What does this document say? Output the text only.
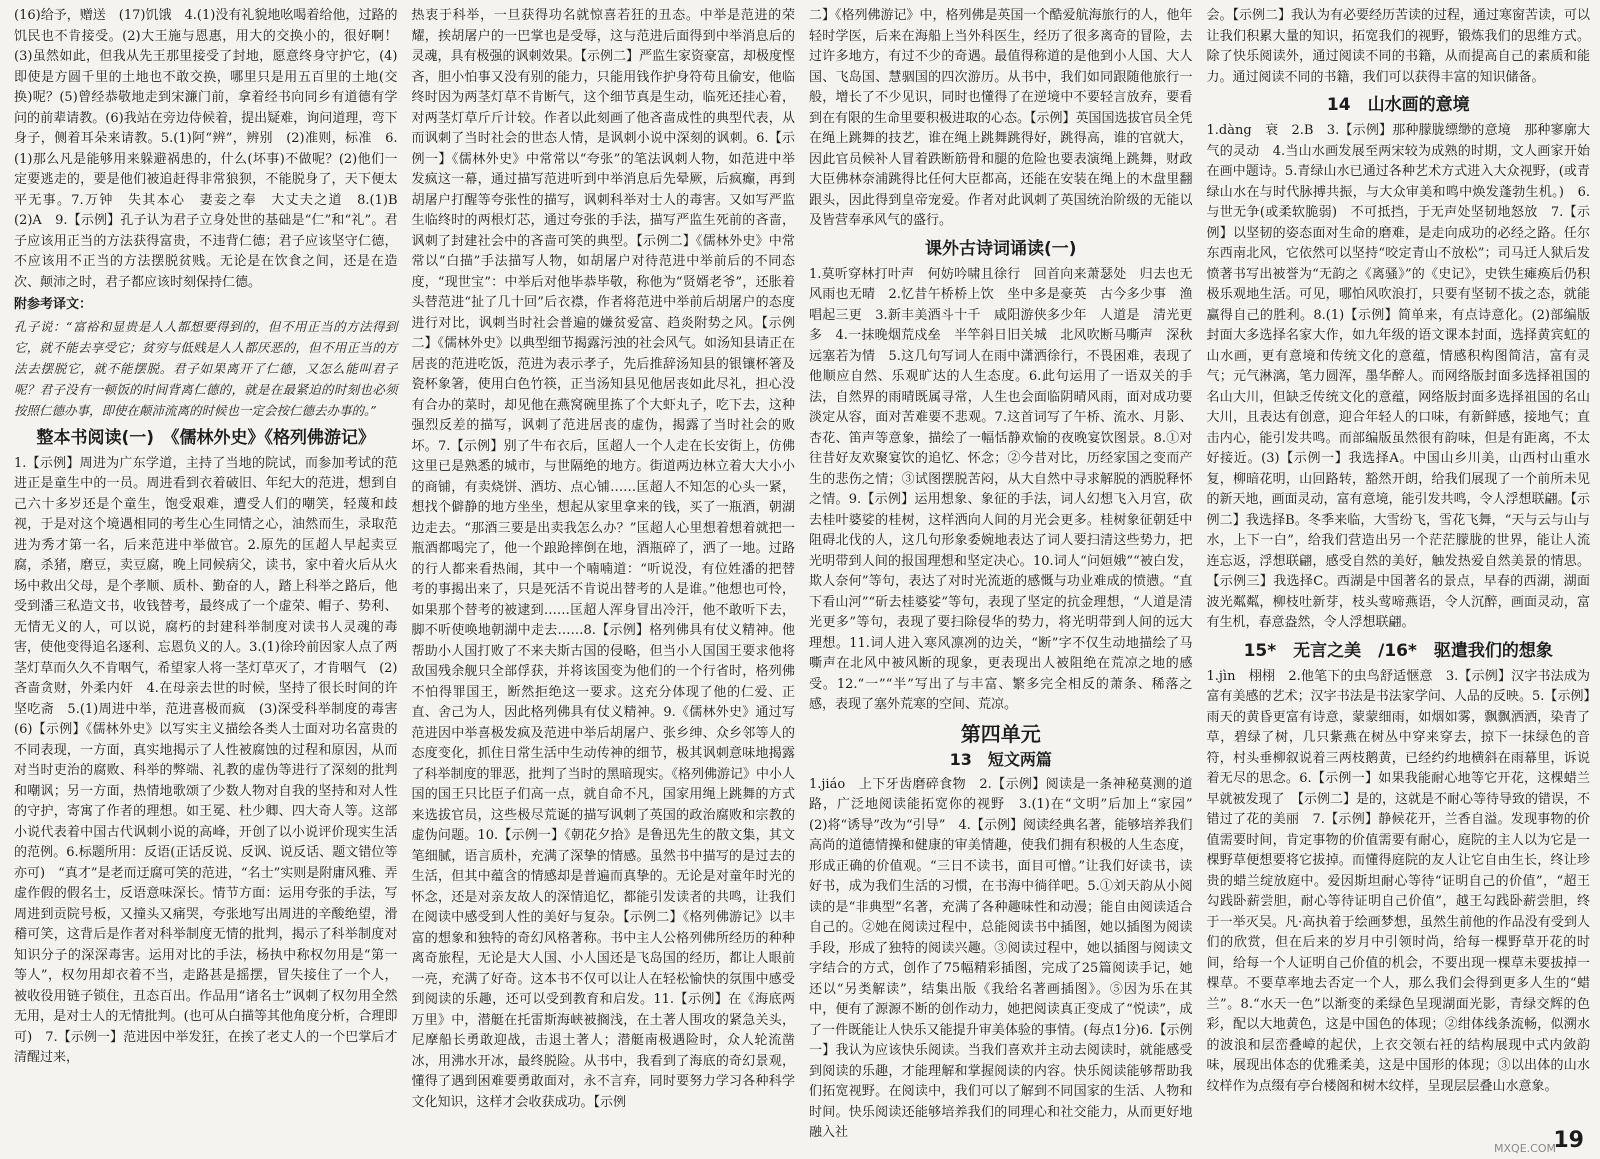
(16)给予，赠送　(17)饥饿　4.(1)没有礼貌地吆喝着给他，过路的饥民也不肯接受。(2)大王施与恩惠，用大的交换小的，很好啊！(3)虽然如此，但我从先王那里接受了封地，愿意终身守护它，(4)即使是方圆千里的土地也不敢交换，哪里只是用五百里的土地(交换)呢？(5)曾经恭敬地走到宋濂门前，拿着经书向同乡有道德有学问的前辈请教。(6)我站在旁边侍候着，提出疑难，询问道理，弯下身子，侧着耳朵来请教。5.(1)阿“辨”，辨别　(2)准则，标准　6.(1)那么凡是能够用来躲避祸患的，什么(坏事)不做呢？(2)他们一定要逃走的，要是他们被追赶得非常狼狈，不能脱身了，天下便太平无事。7.万钟　失其本心　妻妾之奉　大丈夫之道　8.(1)B　(2)A　9.【示例】孔子认为君子立身处世的基础是“仁”和“礼”。君子应该用正当的方法获得富贵，不违背仁德；君子应该坚守仁德，不应该用不正当的方法摆脱贫贱。无论是在饮食之间，还是在造次、颠沛之时，君子都应该时刻保持仁德。

附参考译文：

孔子说：“富裕和显贵是人人都想要得到的，但不用正当的方法得到它，就不能去享受它；贫穷与低贱是人人都厌恶的，但不用正当的方法去摆脱它，就不能摆脱。君子如果离开了仁德，又怎么能叫君子呢？君子没有一顿饭的时间背离仁德的，就是在最紧迫的时刻也必须按照仁德办事，即使在颠沛流离的时候也一定会按仁德去办事的。”

整本书阅读(一)　《儒林外史》《格列佛游记》

1.【示例】周进为广东学道，主持了当地的院试，而参加考试的范进正是童生中的一员。周进看到衣着破旧、年纪大的范进，想到自己六十多岁还是个童生，饱受艰难，遭受人们的嘲笑，轻蔑和歧视，于是对这个境遇相同的考生心生同情之心，油然而生，录取范进为秀才第一名，后来范进中举做官。2.原先的匡超人早起卖豆腐，杀猪，磨豆，卖豆腐，晚上同候病父，读书，家中着火后从火场中救出父母，是个孝顺、质朴、勤奋的人，踏上科举之路后，他受到潘三私造文书，收钱替考，最终成了一个虚荣、帽子、势利、无情无义的人，可以说，腐朽的封建科举制度对读书人灵魂的毒害，使他变得追名逐利、忘恩负义的人。3.(1)徐玲前因家人点了两茎灯草而久久不肯咽气，希望家人将一茎灯草灭了，才肯咽气　(2)吝啬贪财，外柔内奸　4.在母亲去世的时候，坚持了很长时间的许坚吃斋　5.(1)周进中举，范进喜极而疯　(3)深受科举制度的毒害　(6)【示例】《儒林外史》以写实主义描绘各类人士面对功名富贵的不同表现，一方面，真实地揭示了人性被腐蚀的过程和原因，从而对当时吏治的腐败、科举的弊端、礼教的虚伪等进行了深刻的批判和嘲讽；另一方面，热情地歌颂了少数人物对自我的坚持和对人性的守护，寄寓了作者的理想。如王冕、杜少卿、四大奇人等。这部小说代表着中国古代讽刺小说的高峰，开创了以小说评价现实生活的范例。6.标题所用：反语(正话反说、反讽、说反话、题文错位等亦可)　“真才”是老而迂腐可笑的范进，“名士”实则是附庸风雅、弄虚作假的假名士，反语意味深长。情节方面：运用夸张的手法，写周进到贡院号板，又撞头又痛哭，夸张地写出周进的辛酸绝望，滑稽可笑，这背后是作者对科举制度无情的批判，揭示了科举制度对知识分子的深深毒害。运用对比的手法，杨执中称权勿用是“第一等人”，权勿用却衣着不当，走路甚是摇摆，冒失接住了一个人，被收役用链子锁住，丑态百出。作品用“诸名士”讽刺了权勿用全然无用，是对士人的无情批判。(也可从白描等其他角度分析，合理即可)　7.【示例一】范进因中举发狂，在挨了老丈人的一个巴掌后才清醒过来，

热衷于科举，一旦获得功名就惊喜若狂的丑态。中举是范进的荣耀，挨胡屠户的一巴掌也是受辱，这与范进后面得到中举消息后的灵魂，具有极强的讽刺效果。【示例二】严监生家资豪富，却极度悭吝，胆小怕事又没有别的能力，只能用钱作护身符苟且偷安，他临终时因为两茎灯草不肯断气，这个细节真是生动，临死还挂心着，对两茎灯草斤斤计较。作者以此刻画了他吝啬成性的典型代表，从而讽刺了当时社会的世态人情，是讽刺小说中深刻的讽刺。6.【示例一】《儒林外史》中常常以“夸张”的笔法讽刺人物，如范进中举发疯这一幕，通过描写范进听到中举消息后先晕厥，后疯癫，再到胡屠户打醒等夸张性的描写，讽刺科举对士人的毒害。又如写严监生临终时的两根灯芯，通过夸张的手法，描写严监生死前的吝啬，讽刺了封建社会中的吝啬可笑的典型。【示例二】《儒林外史》中常常以“白描”手法描写人物，如胡屠户对待范进中举前后的不同态度，“现世宝”：中举后对他毕恭毕敬，称他为“贤婿老爷”，还胀着头替范进“扯了几十回”后衣襟，作者将范进中举前后胡屠户的态度进行对比，讽刺当时社会普遍的嫌贫爱富、趋炎附势之风。【示例二】《儒林外史》以典型细节揭露污浊的社会风气。如汤知县请正在居丧的范进吃饭，范进为表示孝子，先后推辞汤知县的银镶杯箸及瓷杯象箸，使用白色竹筷，正当汤知县见他居丧如此尽礼，担心没有合办的菜时，却见他在燕窝碗里拣了个大虾丸子，吃下去，这种强烈反差的描写，讽刺了范进居丧的虚伪，揭露了当时社会的败坏。7.【示例】别了牛布衣后，匡超人一个人走在长安街上，仿佛这里已是熟悉的城市，与世隔绝的地方。街道两边林立着大大小小的商铺，有卖烧饼、酒坊、点心铺……匡超人不知怎的心头一紧，想找个僻静的地方坐坐，想起从家里拿来的钱，买了一瓶酒，朝湖边走去。“那酒三要是出卖我怎么办？”匡超人心里想着想着就把一瓶酒都喝完了，他一个踉跄摔倒在地，酒瓶碎了，洒了一地。过路的行人都来看热闹，其中一个喃喃道：“听说没，有位姓潘的把替考的事揭出来了，只是死活不肯说出替考的人是谁。”他想也可怜，如果那个替考的被逮到……匡超人浑身冒出冷汗，他不敢听下去，脚不听使唤地朝湖中走去……8.【示例】格列佛具有仗义精神。他帮助小人国打败了不来夫斯古国的侵略，但当小人国国王要求他将敌国残余舰只全部俘获，并将该国变为他们的一个行省时，格列佛不怕得罪国王，断然拒绝这一要求。这充分体现了他的仁爱、正直、舍己为人，因此格列佛具有仗义精神。9.《儒林外史》通过写范进因中举喜极发疯及范进中举后胡屠户、张乡绅、众乡邻等人的态度变化，抓住日常生活中生动传神的细节，极其讽刺意味地揭露了科举制度的罪恶，批判了当时的黑暗现实。《格列佛游记》中小人国的国王只比臣子们高一点，就自命不凡，国家用绳上跳舞的方式来选拔官员，这些极尽荒诞的描写讽刺了英国的政治腐败和宗教的虚伪问题。10.【示例一】《朝花夕拾》是鲁迅先生的散文集，其文笔细腻，语言质朴，充满了深挚的情感。虽然书中描写的是过去的生活，但其中蕴含的情感却是普遍而真挚的。无论是对童年时光的怀念，还是对亲友故人的深情追忆，都能引发读者的共鸣，让我们在阅读中感受到人性的美好与复杂。【示例二】《格列佛游记》以丰富的想象和独特的奇幻风格著称。书中主人公格列佛所经历的种种离奇旅程，无论是大人国、小人国还是飞岛国的经历，都让人眼前一亮，充满了好奇。这本书不仅可以让人在轻松愉快的氛围中感受到阅读的乐趣，还可以受到教育和启发。11.【示例】在《海底两万里》中，潜艇在托雷斯海峡被搁浅，在土著人围攻的紧急关头，尼摩船长勇敢迎战，击退土著人；潜艇南极遇险时，众人轮流凿冰，用沸水开冰，最终脱险。从书中，我看到了海底的奇幻景观，懂得了遇到困难要勇敢面对，永不言弃，同时要努力学习各种科学文化知识，这样才会收获成功。【示例

二】《格列佛游记》中，格列佛是英国一个酷爱航海旅行的人，他年轻时学医，后来在海船上当外科医生，经历了很多离奇的冒险，去过许多地方，有过不少的奇遇。最值得称道的是他到小人国、大人国、飞岛国、慧骃国的四次游历。从书中，我们如同跟随他旅行一般，增长了不少见识，同时也懂得了在逆境中不要轻言放弃，要看到在有限的生命里要积极进取的心态。【示例】英国国选拔官员全凭在绳上跳舞的技艺，谁在绳上跳舞跳得好，跳得高，谁的官就大，因此官员候补人冒着跌断筋骨和腿的危险也要表演绳上跳舞，财政大臣佛林奈浦跳得比任何大臣都高，还能在安装在绳上的木盘里翻跟头，因此得到皇帝宠爱。作者对此讽刺了英国统治阶级的无能以及皆营奉承风气的盛行。

课外古诗词诵读(一)

1.莫听穿林打叶声　何妨吟啸且徐行　回首向来萧瑟处　归去也无风雨也无晴　2.忆昔午桥桥上饮　坐中多是豪英　古今多少事　渔唱起三更　3.新丰美酒斗十千　咸阳游侠多少年　人道是　清光更多　4.一抹晚烟荒戍垒　半竿斜日旧关城　北风吹断马嘶声　深秋远塞若为情　5.这几句写词人在雨中潇洒徐行，不畏困难，表现了他顺应自然、乐观旷达的人生态度。6.此句运用了一语双关的手法，自然界的雨晴既属寻常，人生也会面临阴晴风雨，面对成功要淡定从容，面对苦难要不悲观。7.这首词写了午桥、流水、月影、杏花、笛声等意象，描绘了一幅恬静欢愉的夜晚宴饮图景。8.①对往昔好友欢聚宴饮的追忆、怀念；②今昔对比，历经家国之变而产生的悲伤之情；③试图摆脱苦闷，从大自然中寻求解脱的洒脱释怀之情。9.【示例】运用想象、象征的手法，词人幻想飞入月宫，砍去桂叶婆娑的桂树，这样洒向人间的月光会更多。桂树象征朝廷中阻碍北伐的人，这几句形象委婉地表达了词人要扫清这些势力，把光明带到人间的报国理想和坚定决心。10.词人“问姮娥”“被白发，欺人奈何”等句，表达了对时光流逝的感慨与功业难成的愤懑。“直下看山河”“斫去桂婆娑”等句，表现了坚定的抗金理想，“人道是清光更多”等句，表现了要扫除侵华的势力，将光明带到人间的远大理想。11.词人进入寒风凛冽的边关，“断”字不仅生动地描绘了马嘶声在北风中被风断的现象，更表现出人被阻绝在荒凉之地的感受。12.“一”“半”写出了与丰富、繁多完全相反的萧条、稀落之感，表现了塞外荒寒的空间、荒凉。

第四单元
13　短文两篇

1.jiáo　上下牙齿磨碎食物　2.【示例】阅读是一条神秘莫测的道路，广泛地阅读能拓宽你的视野　3.(1)在“文明”后加上“家园”　(2)将“诱导”改为“引导”　4.【示例】阅读经典名著，能够培养我们高尚的道德情操和健康的审美情趣，使我们拥有积极的人生态度，形成正确的价值观。“三日不读书，面目可憎。”让我们好读书，读好书，成为我们生活的习惯，在书海中徜徉吧。5.①刘天韵从小阅读的是“非典型”名著，充满了各种趣味性和动漫；能自由阅读适合自己的。②她在阅读过程中，总能阅读书中插图，她以插图为阅读手段，形成了独特的阅读兴趣。③阅读过程中，她以插图与阅读文字结合的方式，创作了75幅精彩插图，完成了25篇阅读手记，她还以“另类解读”，结集出版《我给名著画插图》。⑤因为乐在其中，便有了源源不断的创作动力，她把阅读真正变成了“悦读”，成了一件既能让人快乐又能提升审美体验的事情。(每点1分)6.【示例一】我认为应该快乐阅读。当我们喜欢并主动去阅读时，就能感受到阅读的乐趣，才能理解和掌握阅读的内容。快乐阅读能够帮助我们拓宽视野。在阅读中，我们可以了解到不同国家的生活、人物和时间。快乐阅读还能够培养我们的同理心和社交能力，从而更好地融入社

会。【示例二】我认为有必要经历苦读的过程，通过寒窗苦读，可以让我们积累大量的知识，拓宽我们的视野，锻炼我们的思维方式。除了快乐阅读外，通过阅读不同的书籍，从而提高自己的素质和能力。通过阅读不同的书籍，我们可以获得丰富的知识储备。

14　山水画的意境

1.dàng　衰　2.B　3.【示例】那种朦胧缥缈的意境　那种寥廓大气的灵动　4.当山水画发展至两宋较为成熟的时期，文人画家开始在画中题诗。5.青绿山水已通过各种艺术方式进入大众视野，(或青绿山水在与时代脉搏共振，与大众审美和鸣中焕发蓬勃生机。)　6.与世无争(或柔软脆弱)　不可抵挡，于无声处坚韧地怒放　7.【示例】以坚韧的姿态面对生命的磨难，是走向成功的必经之路。任尔东西南北风，它依然可以坚持“咬定青山不放松”；司马迁人狱后发愤著书写出被誉为“无韵之《离骚》”的《史记》，史铁生瘫痪后仍积极乐观地生活。可见，哪怕风吹浪打，只要有坚韧不拔之态，就能赢得自己的胜利。8.(1)【示例】简单来，有点诗意化。(2)部编版封面大多选择名家大作，如九年级的语文课本封面，选择黄宾虹的山水画，更有意境和传统文化的意蕴，情感积构图简洁，富有灵气；元气淋漓，笔力圆浑，墨华醉人。而网络版封面多选择祖国的名山大川，但缺乏传统文化的意蕴，网络版封面多选择祖国的名山大川，且表达有创意，迎合年轻人的口味，有新鲜感，接地气；直击内心，能引发共鸣。而部编版虽然很有韵味，但是有距离，不太好接近。(3)【示例一】我选择A。中国山乡川美，山西村山重水复，柳暗花明，山回路转，豁然开朗，给我们展现了一个前所未见的新天地，画面灵动，富有意境，能引发共鸣，令人浮想联翩。【示例二】我选择B。冬季来临，大雪纷飞，雪花飞舞，“天与云与山与水，上下一白”，给我们营造出另一个茫茫朦胧的世界，能让人流连忘返，浮想联翩，感受自然的美好，触发热爱自然美景的情思。【示例三】我选择C。西湖是中国著名的景点，早春的西湖，湖面波光粼粼，柳枝吐新芽，枝头莺啼燕语，令人沉醉，画面灵动，富有生机，春意盎然，令人浮想联翩。

15*　无言之美　/16*　驱遣我们的想象

1.jìn　栩栩　2.他笔下的虫鸟舒适惬意　3.【示例】汉字书法成为富有美感的艺术；汉字书法是书法家学问、人品的反映。5.【示例】雨天的黄昏更富有诗意，蒙蒙细雨，如烟如雾，飘飘洒洒，染青了草，碧绿了树，几只紫燕在树丛中穿来穿去，掠下一抹绿色的音符，村头垂柳叙说着三两枝鹅黄，已经约约地横斜在雨幕里，诉说着无尽的思念。6.【示例一】如果我能耐心地等它开花，这棵蜡兰早就被发现了　【示例二】是的，这就是不耐心等待导致的错误，不错过了花的美丽　7.【示例】静候花开，兰香自溢。发现事物的价值需要时间，肯定事物的价值需要有耐心，庭院的主人以为它是一棵野草便想要将它拔掉。而懂得庭院的友人让它自由生长，终让珍贵的蜡兰绽放庭中。爱因斯坦耐心等待“证明自己的价值”，“超王勾践卧薪尝胆，耐心等待证明自己价值”，越王勾践卧薪尝胆，终于一举灭吴。凡·高执着于绘画梦想，虽然生前他的作品没有受到人们的欣赏，但在后来的岁月中引领时尚，给每一棵野草开花的时间，给每一个人证明自己价值的机会，不要出现一棵草未要拔掉一棵草。不要草率地去否定一个人，那么我们会得到更多人生的“蜡兰”。8.“水天一色”以渐变的柔绿色呈现湖面光影，青绿交辉的色彩，配以大地黄色，这是中国色的体现；②绀体线条流畅，似溯水的波浪和层峦叠嶂的起伏，上衣交领右衽的结构展现中式内敛韵味，展现出体态的优雅柔美，这是中国形的体现；③以出体的山水纹样作为点缀有亭台楼阁和树木纹样，呈现层层叠山水意象。

MXQE.COM
19
